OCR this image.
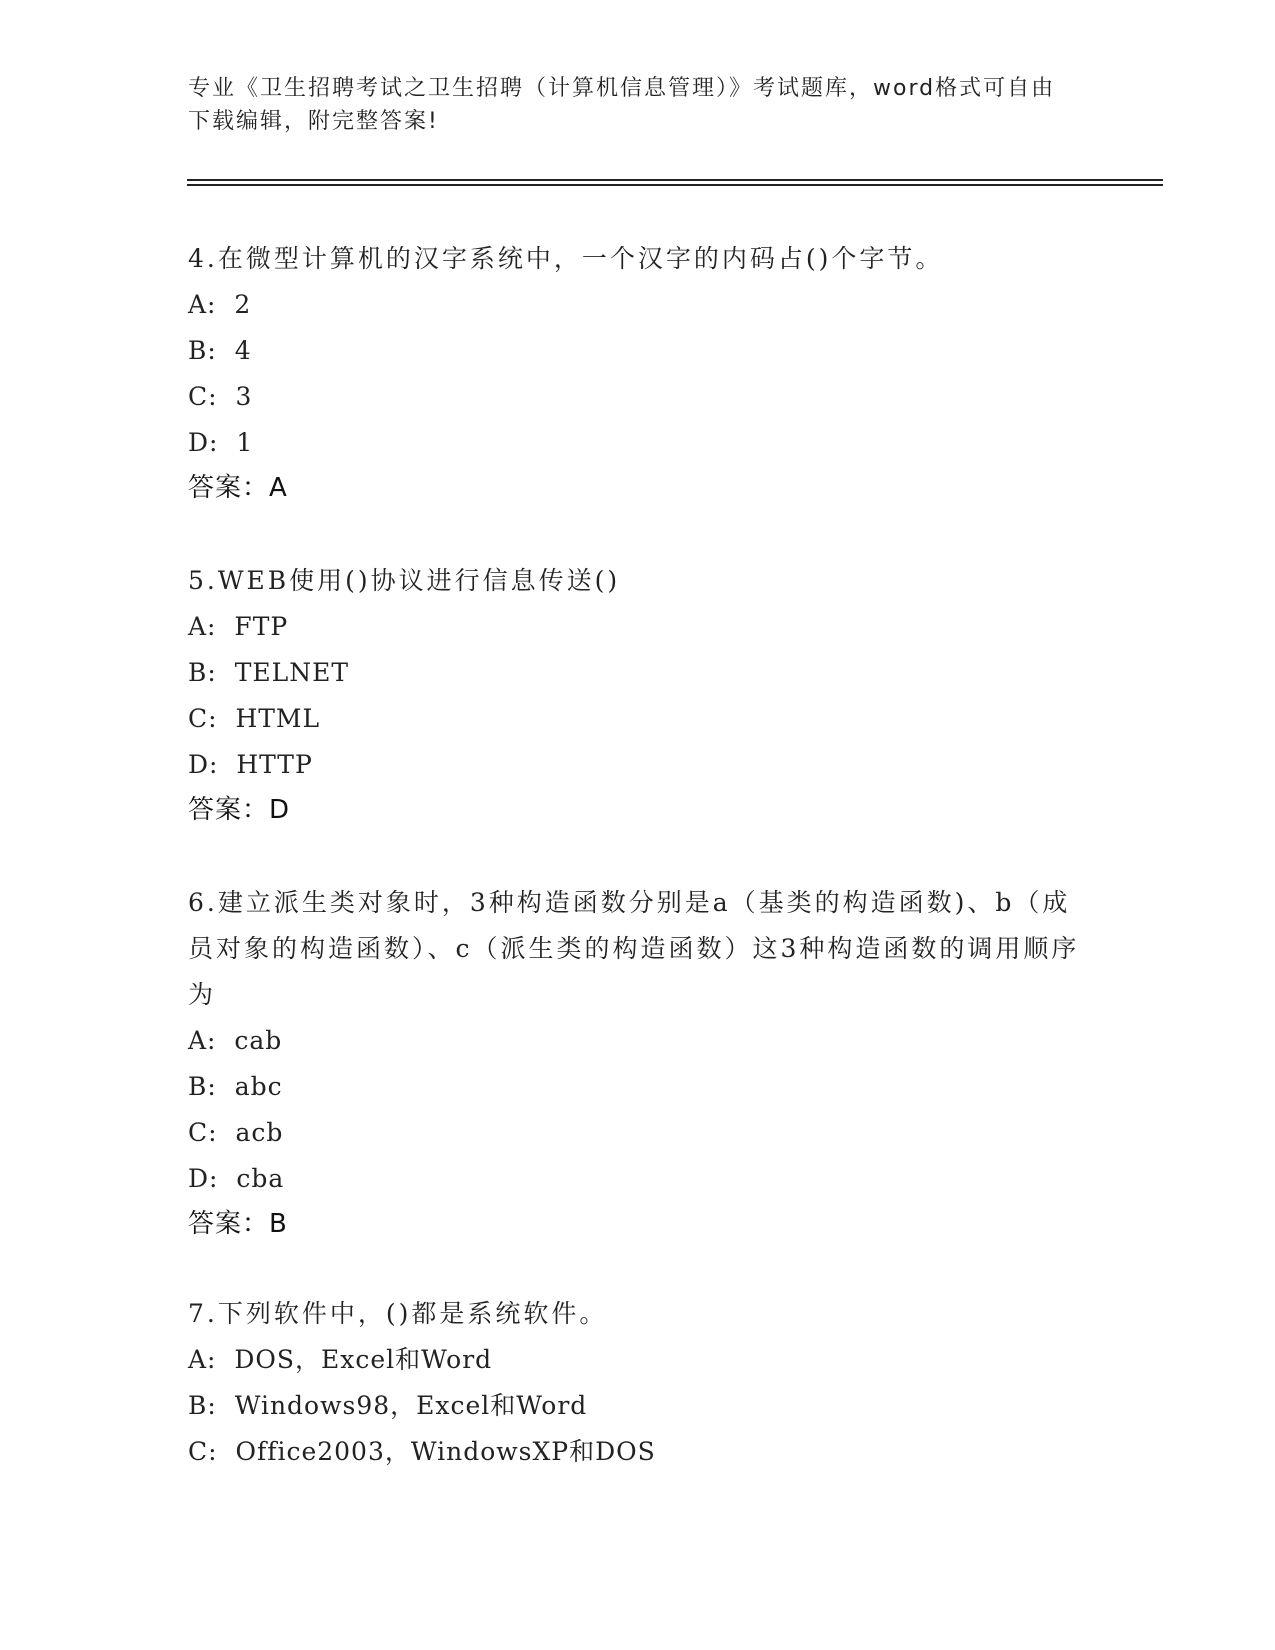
专业《卫生招聘考试之卫生招聘（计算机信息管理）》考试题库，word格式可自由下载编辑，附完整答案!

4.在微型计算机的汉字系统中，一个汉字的内码占()个字节。

A:  2

B:  4

C:  3

D:  1

答案：A

5.WEB使用()协议进行信息传送()

A:  FTP

B:  TELNET

C:  HTML

D:  HTTP

答案：D

6.建立派生类对象时，3种构造函数分别是a（基类的构造函数)、b（成员对象的构造函数）、c（派生类的构造函数）这3种构造函数的调用顺序为

A:  cab

B:  abc

C:  acb

D:  cba

答案：B

7.下列软件中，()都是系统软件。

A:  DOS，Excel和Word

B:  Windows98，Excel和Word

C:  Office2003，WindowsXP和DOS
